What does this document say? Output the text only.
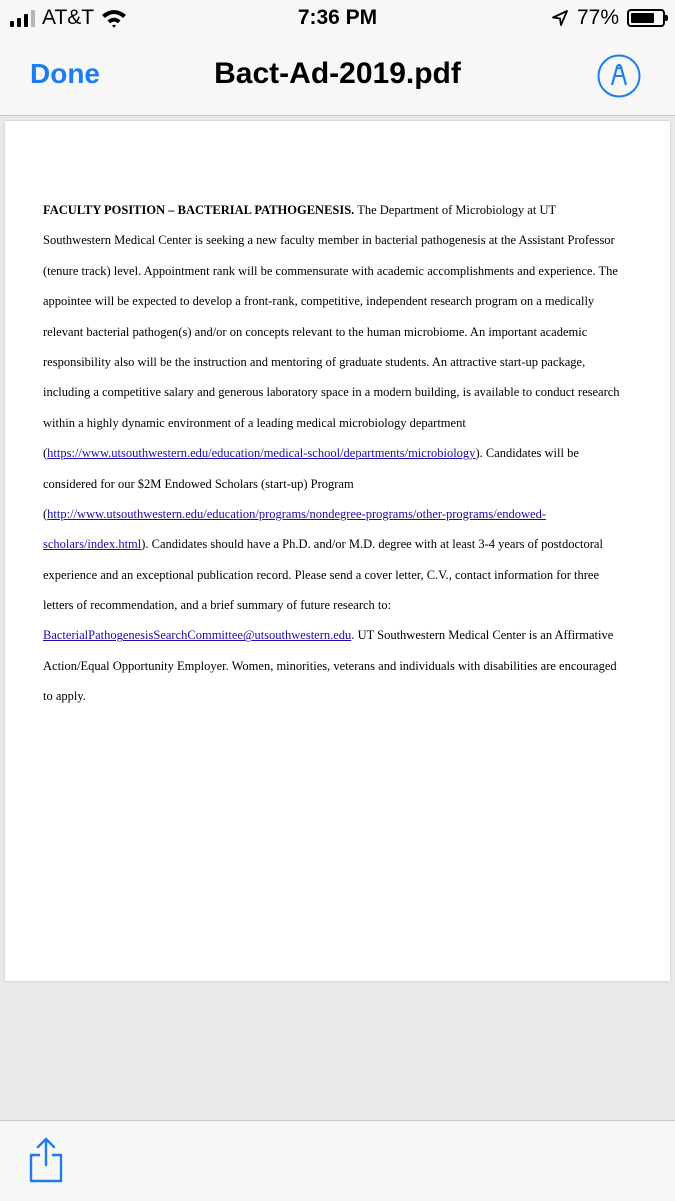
AT&T	7:36 PM	77%
Done	Bact-Ad-2019.pdf
FACULTY POSITION – BACTERIAL PATHOGENESIS. The Department of Microbiology at UT
Southwestern Medical Center is seeking a new faculty member in bacterial pathogenesis at the Assistant Professor
(tenure track) level. Appointment rank will be commensurate with academic accomplishments and experience. The
appointee will be expected to develop a front-rank, competitive, independent research program on a medically
relevant bacterial pathogen(s) and/or on concepts relevant to the human microbiome. An important academic
responsibility also will be the instruction and mentoring of graduate students. An attractive start-up package,
including a competitive salary and generous laboratory space in a modern building, is available to conduct research
within a highly dynamic environment of a leading medical microbiology department
(https://www.utsouthwestern.edu/education/medical-school/departments/microbiology). Candidates will be
considered for our $2M Endowed Scholars (start-up) Program
(http://www.utsouthwestern.edu/education/programs/nondegree-programs/other-programs/endowed-
scholars/index.html). Candidates should have a Ph.D. and/or M.D. degree with at least 3-4 years of postdoctoral
experience and an exceptional publication record. Please send a cover letter, C.V., contact information for three
letters of recommendation, and a brief summary of future research to:
BacterialPathogenesisSearchCommittee@utsouthwestern.edu. UT Southwestern Medical Center is an Affirmative
Action/Equal Opportunity Employer. Women, minorities, veterans and individuals with disabilities are encouraged
to apply.
